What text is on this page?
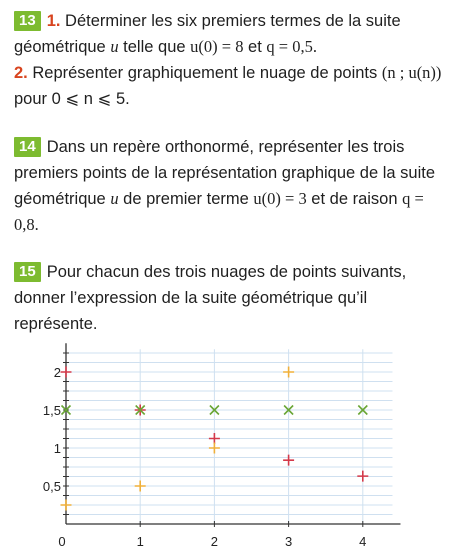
13 1. Déterminer les six premiers termes de la suite géométrique u telle que u(0) = 8 et q = 0,5.
2. Représenter graphiquement le nuage de points (n ; u(n)) pour 0 ⩽ n ⩽ 5.
14 Dans un repère orthonormé, représenter les trois premiers points de la représentation graphique de la suite géométrique u de premier terme u(0) = 3 et de raison q = 0,8.
15 Pour chacun des trois nuages de points suivants, donner l’expression de la suite géométrique qu’il représente.
0	1	2	3	4
0,5
1
1,5
2
